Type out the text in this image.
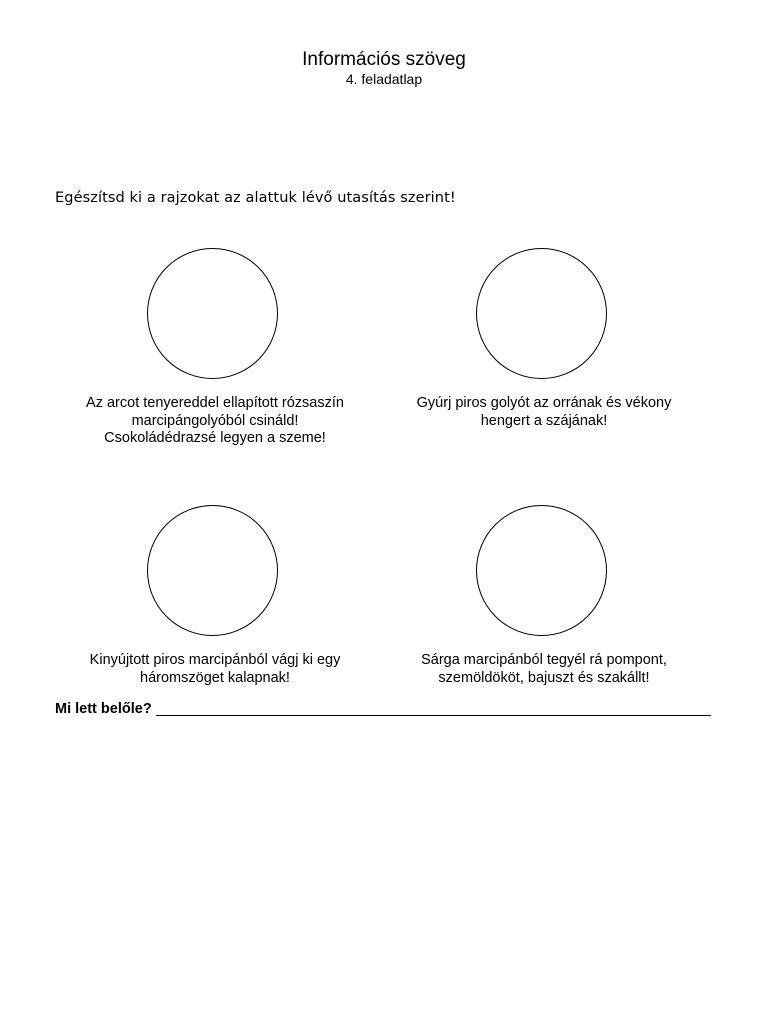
Információs szöveg
4. feladatlap
Egészítsd ki a rajzokat az alattuk lévő utasítás szerint!
Az arcot tenyereddel ellapított rózsaszín
marcipángolyóból csináld!
Csokoládédrazsé legyen a szeme!
Gyúrj piros golyót az orrának és vékony
hengert a szájának!
Kinyújtott piros marcipánból vágj ki egy
háromszöget kalapnak!
Sárga marcipánból tegyél rá pompont,
szemöldököt, bajuszt és szakállt!
Mi lett belőle?
